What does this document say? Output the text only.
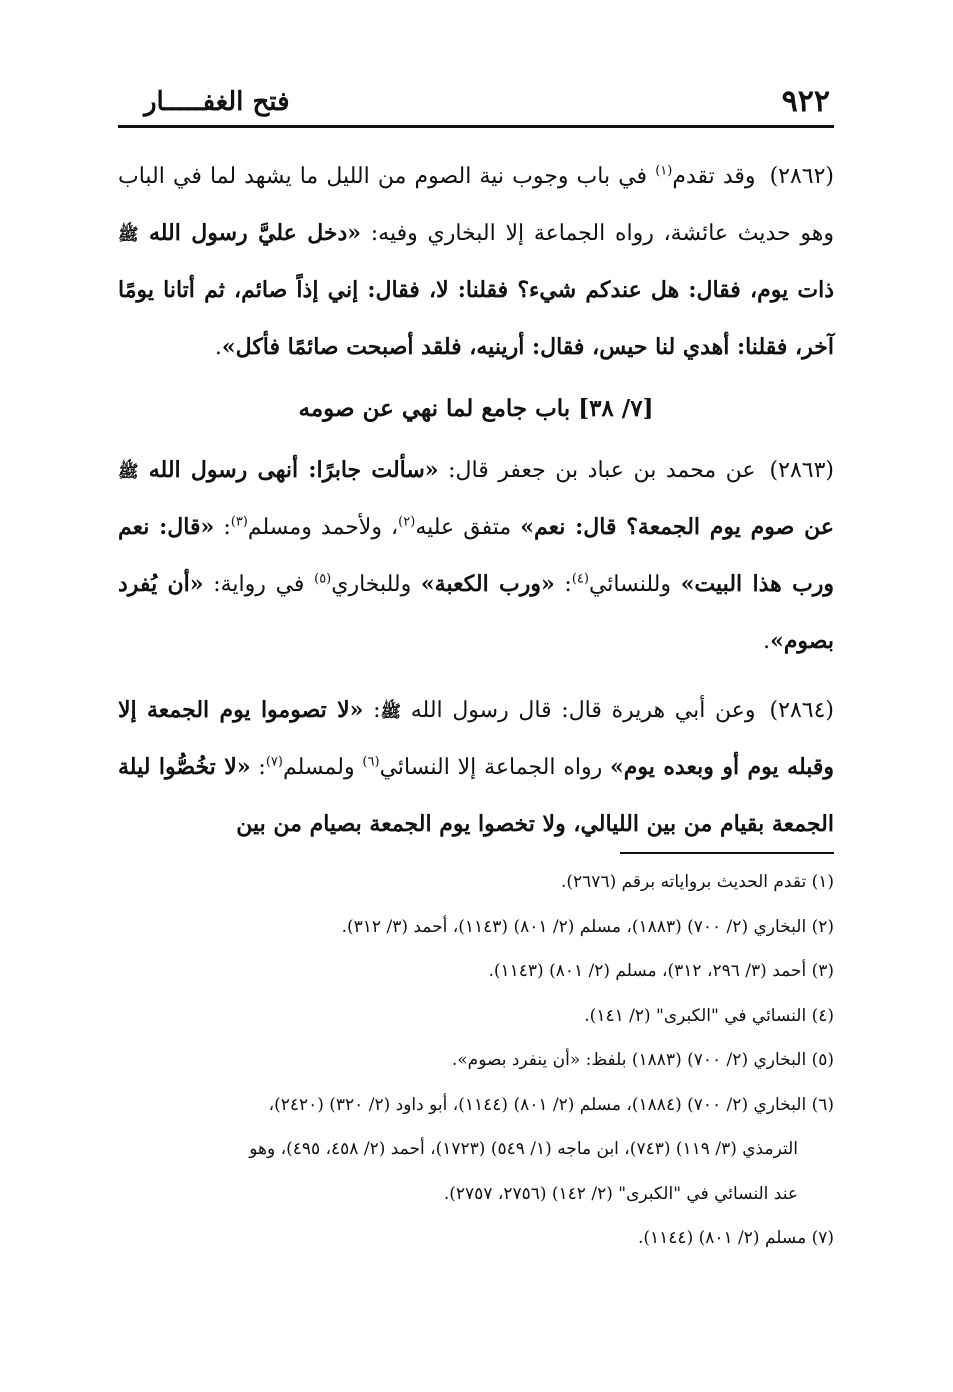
٩٢٢
فتح الغفـــــار

(٢٨٦٢)وقد تقدم$^{(١)}$ في باب وجوب نية الصوم من الليل ما يشهد لما في الباب وهو حديث عائشة، رواه الجماعة إلا البخاري وفيه: «دخل عليَّ رسول الله ﷺ ذات يوم، فقال: هل عندكم شيء؟ فقلنا: لا، فقال: إني إذاً صائم، ثم أتانا يومًا آخر، فقلنا: أهدي لنا حيس، فقال: أرينيه، فلقد أصبحت صائمًا فأكل».

[٧/ ٣٨] باب جامع لما نهي عن صومه

(٢٨٦٣)عن محمد بن عباد بن جعفر قال: «سألت جابرًا: أنهى رسول الله ﷺ عن صوم يوم الجمعة؟ قال: نعم» متفق عليه$^{(٢)}$، ولأحمد ومسلم$^{(٣)}$: «قال: نعم ورب هذا البيت» وللنسائي$^{(٤)}$: «ورب الكعبة» وللبخاري$^{(٥)}$ في رواية: «أن يُفرد بصوم».

(٢٨٦٤)وعن أبي هريرة قال: قال رسول الله ﷺ: «لا تصوموا يوم الجمعة إلا وقبله يوم أو وبعده يوم» رواه الجماعة إلا النسائي$^{(٦)}$ ولمسلم$^{(٧)}$: «لا تخُصُّوا ليلة الجمعة بقيام من بين الليالي، ولا تخصوا يوم الجمعة بصيام من بين

(١) تقدم الحديث برواياته برقم (٢٦٧٦).

(٢) البخاري (٢/ ٧٠٠) (١٨٨٣)، مسلم (٢/ ٨٠١) (١١٤٣)، أحمد (٣/ ٣١٢).

(٣) أحمد (٣/ ٢٩٦، ٣١٢)، مسلم (٢/ ٨٠١) (١١٤٣).

(٤) النسائي في "الكبرى" (٢/ ١٤١).

(٥) البخاري (٢/ ٧٠٠) (١٨٨٣) بلفظ: «أن ينفرد بصوم».

(٦) البخاري (٢/ ٧٠٠) (١٨٨٤)، مسلم (٢/ ٨٠١) (١١٤٤)، أبو داود (٢/ ٣٢٠) (٢٤٢٠)،

الترمذي (٣/ ١١٩) (٧٤٣)، ابن ماجه (١/ ٥٤٩) (١٧٢٣)، أحمد (٢/ ٤٥٨، ٤٩٥)، وهو

عند النسائي في "الكبرى" (٢/ ١٤٢) (٢٧٥٦، ٢٧٥٧).

(٧) مسلم (٢/ ٨٠١) (١١٤٤).
